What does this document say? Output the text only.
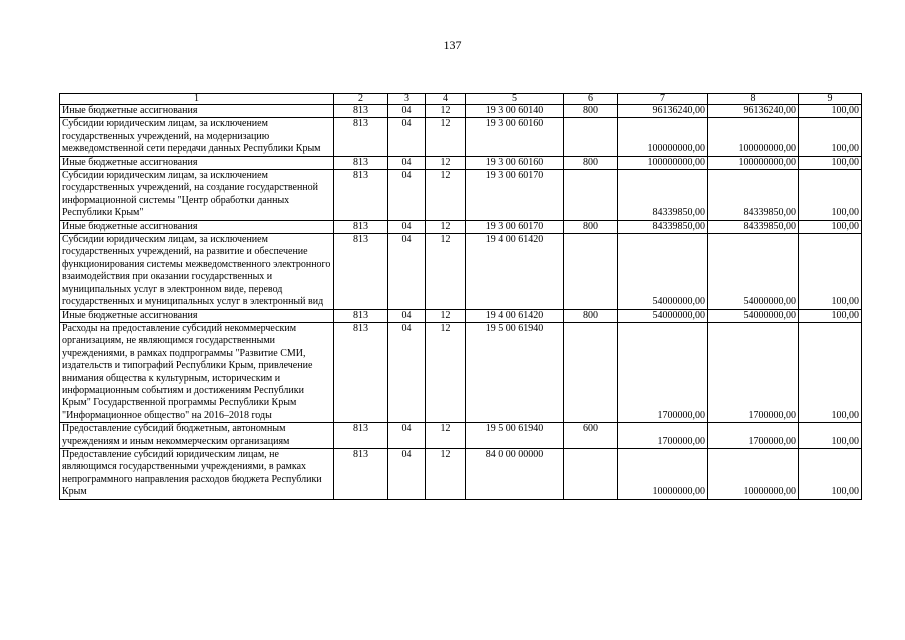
137
1	2	3	4	5	6	7	8	9
Иные бюджетные ассигнования	813	04	12	19 3 00 60140	800	96136240,00	96136240,00	100,00
Субсидии юридическим лицам, за исключением государственных учреждений, на модернизацию межведомственной сети передачи данных Республики Крым	813	04	12	19 3 00 60160		100000000,00	100000000,00	100,00
Иные бюджетные ассигнования	813	04	12	19 3 00 60160	800	100000000,00	100000000,00	100,00
Субсидии юридическим лицам, за исключением государственных учреждений, на создание государственной информационной системы "Центр обработки данных Республики Крым"	813	04	12	19 3 00 60170		84339850,00	84339850,00	100,00
Иные бюджетные ассигнования	813	04	12	19 3 00 60170	800	84339850,00	84339850,00	100,00
Субсидии юридическим лицам, за исключением государственных учреждений, на развитие и обеспечение функционирования системы межведомственного электронного взаимодействия при оказании государственных и муниципальных услуг в электронном виде, перевод государственных и муниципальных услуг в электронный вид	813	04	12	19 4 00 61420		54000000,00	54000000,00	100,00
Иные бюджетные ассигнования	813	04	12	19 4 00 61420	800	54000000,00	54000000,00	100,00
Расходы на предоставление субсидий некоммерческим организациям, не являющимся государственными учреждениями, в рамках подпрограммы "Развитие СМИ, издательств и типографий Республики Крым, привлечение внимания общества к культурным, историческим и информационным событиям и достижениям Республики Крым" Государственной программы Республики Крым "Информационное общество" на 2016–2018 годы	813	04	12	19 5 00 61940		1700000,00	1700000,00	100,00
Предоставление субсидий бюджетным, автономным учреждениям и иным некоммерческим организациям	813	04	12	19 5 00 61940	600	1700000,00	1700000,00	100,00
Предоставление субсидий юридическим лицам, не являющимся государственными учреждениями, в рамках непрограммного направления расходов бюджета Республики Крым	813	04	12	84 0 00 00000		10000000,00	10000000,00	100,00
